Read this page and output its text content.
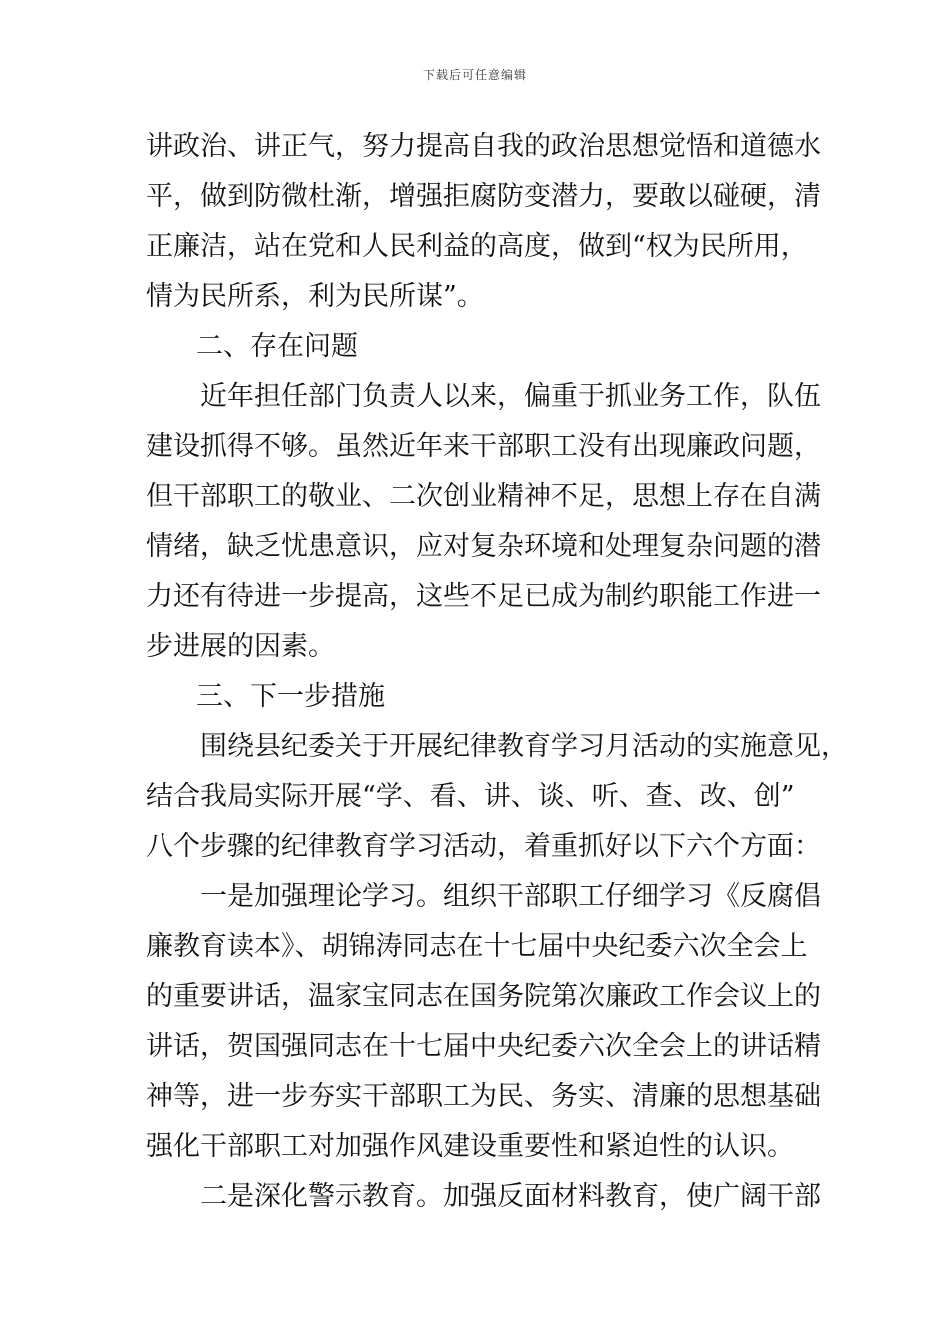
下载后可任意编辑
讲政治、讲正气，努力提高自我的政治思想觉悟和道德水
平，做到防微杜渐，增强拒腐防变潜力，要敢以碰硬，清
正廉洁，站在党和人民利益的高度，做到“权为民所用，
情为民所系，利为民所谋”。
二、存在问题
近年担任部门负责人以来，偏重于抓业务工作，队伍
建设抓得不够。虽然近年来干部职工没有出现廉政问题，
但干部职工的敬业、二次创业精神不足，思想上存在自满
情绪，缺乏忧患意识，应对复杂环境和处理复杂问题的潜
力还有待进一步提高，这些不足已成为制约职能工作进一
步进展的因素。
三、下一步措施
围绕县纪委关于开展纪律教育学习月活动的实施意见，
结合我局实际开展“学、看、讲、谈、听、查、改、创”
八个步骤的纪律教育学习活动，着重抓好以下六个方面：
一是加强理论学习。组织干部职工仔细学习《反腐倡
廉教育读本》、胡锦涛同志在十七届中央纪委六次全会上
的重要讲话，温家宝同志在国务院第次廉政工作会议上的
讲话，贺国强同志在十七届中央纪委六次全会上的讲话精
神等，进一步夯实干部职工为民、务实、清廉的思想基础
强化干部职工对加强作风建设重要性和紧迫性的认识。
二是深化警示教育。加强反面材料教育，使广阔干部
